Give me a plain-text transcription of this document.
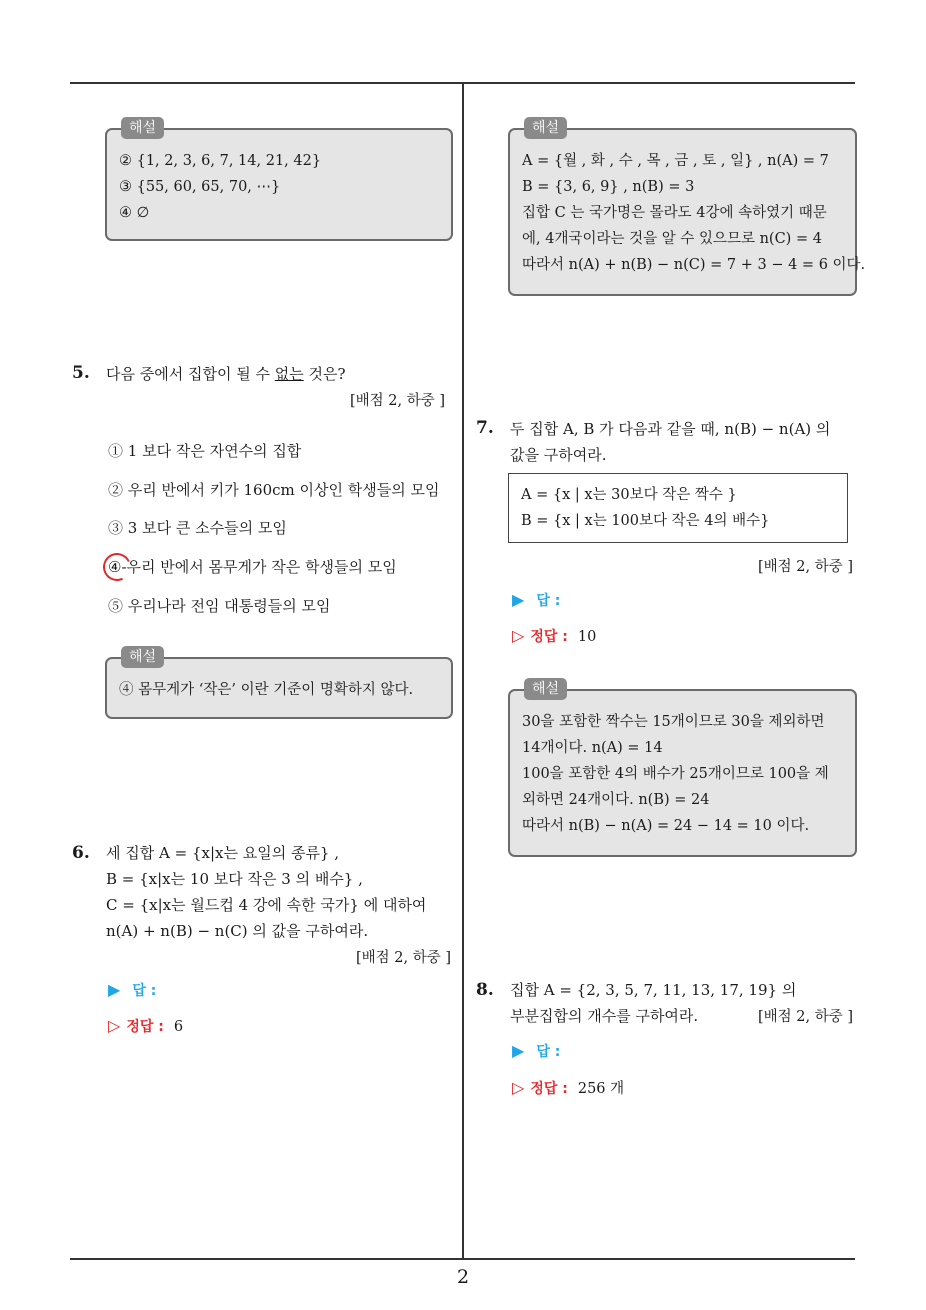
2
해설
② {1, 2, 3, 6, 7, 14, 21, 42}
③ {55, 60, 65, 70, ⋯}
④ ∅
5. 다음 중에서 집합이 될 수 없는 것은?
[배점 2, 하중 ]
① 1 보다 작은 자연수의 집합
② 우리 반에서 키가 160cm 이상인 학생들의 모임
③ 3 보다 큰 소수들의 모임
④-우리 반에서 몸무게가 작은 학생들의 모임
⑤ 우리나라 전임 대통령들의 모임
해설
④ 몸무게가 ‘작은’ 이란 기준이 명확하지 않다.
6. 세 집합 A = {x|x는 요일의 종류} ,
B = {x|x는 10 보다 작은 3 의 배수} ,
C = {x|x는 월드컵 4 강에 속한 국가} 에 대하여
n(A) + n(B) − n(C) 의 값을 구하여라.
[배점 2, 하중 ]
▶ 답 :
▷ 정답 : 6
해설
A = {월 , 화 , 수 , 목 , 금 , 토 , 일} , n(A) = 7
B = {3, 6, 9} , n(B) = 3
집합 C 는 국가명은 몰라도 4강에 속하였기 때문
에, 4개국이라는 것을 알 수 있으므로 n(C) = 4
따라서 n(A) + n(B) − n(C) = 7 + 3 − 4 = 6 이다.
7. 두 집합 A, B 가 다음과 같을 때, n(B) − n(A) 의
값을 구하여라.
A = {x | x는 30보다 작은 짝수 }
B = {x | x는 100보다 작은 4의 배수}
[배점 2, 하중 ]
▶ 답 :
▷ 정답 : 10
해설
30을 포함한 짝수는 15개이므로 30을 제외하면
14개이다. n(A) = 14
100을 포함한 4의 배수가 25개이므로 100을 제
외하면 24개이다. n(B) = 24
따라서 n(B) − n(A) = 24 − 14 = 10 이다.
8. 집합 A = {2, 3, 5, 7, 11, 13, 17, 19} 의
부분집합의 개수를 구하여라.	[배점 2, 하중 ]
▶ 답 :
▷ 정답 : 256 개
